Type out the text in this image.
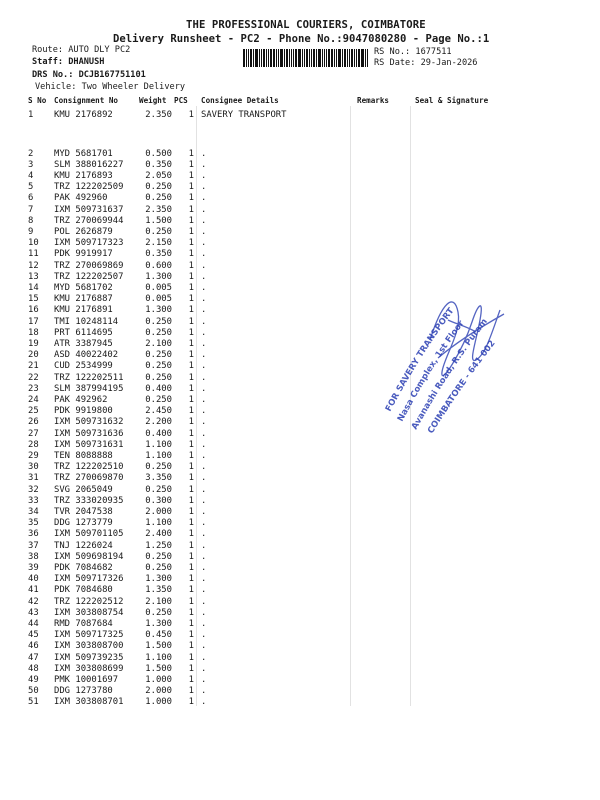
THE PROFESSIONAL COURIERS, COIMBATORE
Delivery Runsheet - PC2 - Phone No.:9047080280 - Page No.:1
Route: AUTO DLY PC2
Staff: DHANUSH
DRS No.: DCJB167751101
Vehicle: Two Wheeler Delivery
RS No.: 1677511
RS Date: 29-Jan-2026
S No Consignment No	Weight PCS Consignee Details	Remarks	Seal & Signature
1	KMU 2176892	2.350	1 SAVERY TRANSPORT
2	MYD 5681701	0.500	1 .
3	SLM 388016227	0.350	1 .
4	KMU 2176893	2.050	1 .
5	TRZ 122202509	0.250	1 .
6	PAK 492960	0.250	1 .
7	IXM 509731637	2.350	1 .
8	TRZ 270069944	1.500	1 .
9	POL 2626879	0.250	1 .
10	IXM 509717323	2.150	1 .
11	PDK 9919917	0.350	1 .
12	TRZ 270069869	0.600	1 .
13	TRZ 122202507	1.300	1 .
14	MYD 5681702	0.005	1 .
15	KMU 2176887	0.005	1 .
16	KMU 2176891	1.300	1 .
17	TMI 10248114	0.250	1 .
18	PRT 6114695	0.250	1 .
19	ATR 3387945	2.100	1 .
20	ASD 40022402	0.250	1 .
21	CUD 2534999	0.250	1 .
22	TRZ 122202511	0.250	1 .
23	SLM 387994195	0.400	1 .
24	PAK 492962	0.250	1 .
25	PDK 9919800	2.450	1 .
26	IXM 509731632	2.200	1 .
27	IXM 509731636	0.400	1 .
28	IXM 509731631	1.100	1 .
29	TEN 8088888	1.100	1 .
30	TRZ 122202510	0.250	1 .
31	TRZ 270069870	3.350	1 .
32	SVG 2065049	0.250	1 .
33	TRZ 333020935	0.300	1 .
34	TVR 2047538	2.000	1 .
35	DDG 1273779	1.100	1 .
36	IXM 509701105	2.400	1 .
37	TNJ 1226024	1.250	1 .
38	IXM 509698194	0.250	1 .
39	PDK 7084682	0.250	1 .
40	IXM 509717326	1.300	1 .
41	PDK 7084680	1.350	1 .
42	TRZ 122202512	2.100	1 .
43	IXM 303808754	0.250	1 .
44	RMD 7087684	1.300	1 .
45	IXM 509717325	0.450	1 .
46	IXM 303808700	1.500	1 .
47	IXM 509739235	1.100	1 .
48	IXM 303808699	1.500	1 .
49	PMK 10001697	1.000	1 .
50	DDG 1273780	2.000	1 .
51	IXM 303808701	1.000	1 .
FOR SAVERY TRANSPORT
Nasa Complex, 1st Floor
Avanashi Road, R.S. Puram
COIMBATORE - 641 002
